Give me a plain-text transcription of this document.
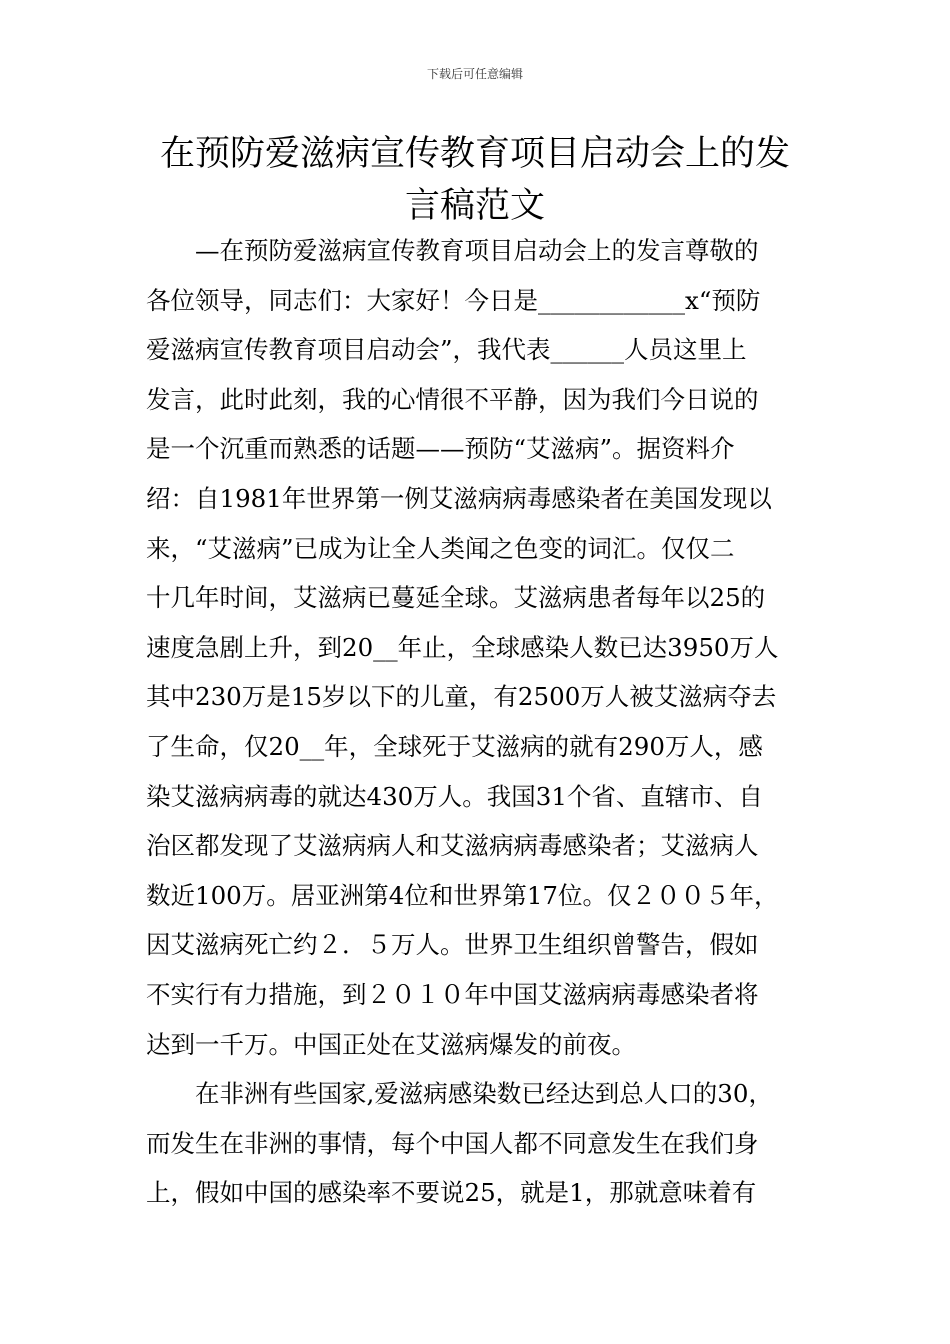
下载后可任意编辑
在预防爱滋病宣传教育项目启动会上的发
言稿范文

　　—在预防爱滋病宣传教育项目启动会上的发言尊敬的
各位领导，同志们：大家好！今日是____________x“预防
爱滋病宣传教育项目启动会”，我代表______人员这里上
发言，此时此刻，我的心情很不平静，因为我们今日说的
是一个沉重而熟悉的话题——预防“艾滋病”。据资料介
绍：自1981年世界第一例艾滋病病毒感染者在美国发现以
来，“艾滋病”已成为让全人类闻之色变的词汇。仅仅二
十几年时间，艾滋病已蔓延全球。艾滋病患者每年以25的
速度急剧上升，到20__年止，全球感染人数已达3950万人
其中230万是15岁以下的儿童，有2500万人被艾滋病夺去
了生命，仅20__年，全球死于艾滋病的就有290万人，感
染艾滋病病毒的就达430万人。我国31个省、直辖市、自
治区都发现了艾滋病病人和艾滋病病毒感染者；艾滋病人
数近100万。居亚洲第4位和世界第17位。仅２００５年，
因艾滋病死亡约２．５万人。世界卫生组织曾警告，假如
不实行有力措施，到２０１０年中国艾滋病病毒感染者将
达到一千万。中国正处在艾滋病爆发的前夜。

　　在非洲有些国家,爱滋病感染数已经达到总人口的30，
而发生在非洲的事情，每个中国人都不同意发生在我们身
上，假如中国的感染率不要说25，就是1，那就意味着有
